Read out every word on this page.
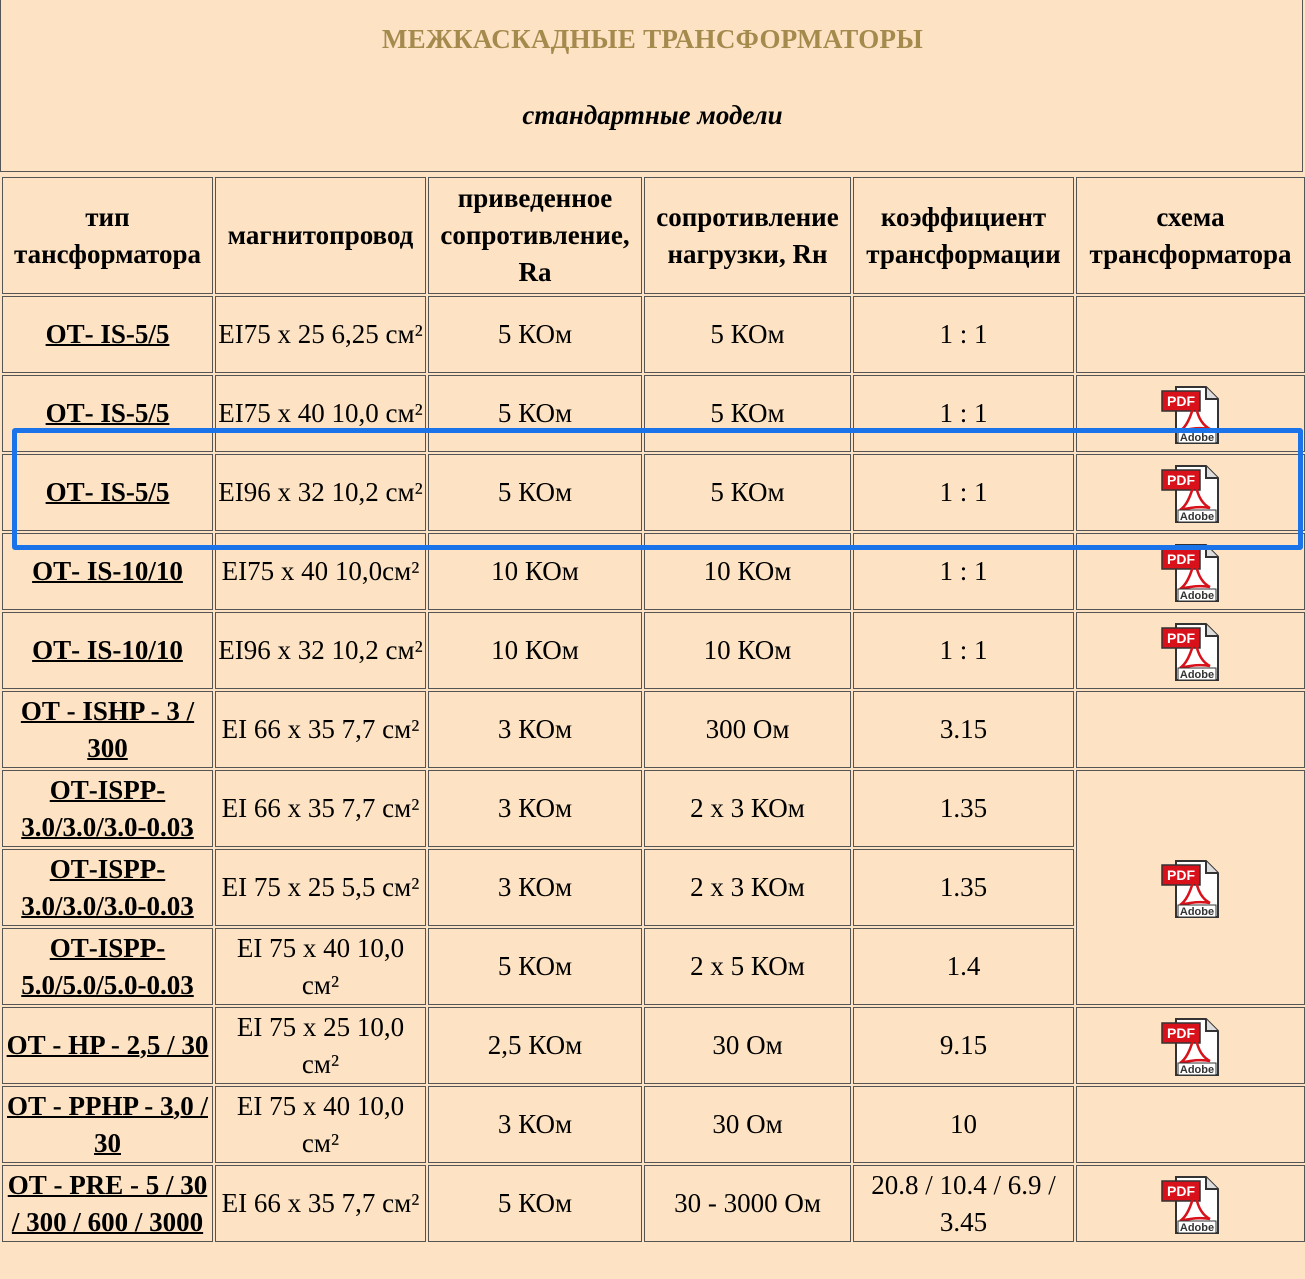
МЕЖКАСКАДНЫЕ ТРАНСФОРМАТОРЫ
стандартные модели
тип тансформатора	магнитопровод	приведенное сопротивление, Ra	сопротивление нагрузки, Rн	коэффициент трансформации	схема трансформатора
ОТ- IS-5/5	EI75 x 25 6,25 см²	5 КОм	5 КОм	1 : 1	
ОТ- IS-5/5	EI75 x 40 10,0 см²	5 КОм	5 КОм	1 : 1	PDF
Adobe

ОТ- IS-5/5	EI96 x 32 10,2 см²	5 КОм	5 КОм	1 : 1	PDF
Adobe

ОТ- IS-10/10	EI75 x 40 10,0см²	10 КОм	10 КОм	1 : 1	PDF
Adobe

ОТ- IS-10/10	EI96 x 32 10,2 см²	10 КОм	10 КОм	1 : 1	PDF
Adobe

ОТ - ISHP - 3 / 300	EI 66 x 35 7,7 см²	3 КОм	300 Ом	3.15	
ОТ-ISPP-3.0/3.0/3.0-0.03	EI 66 x 35 7,7 см²	3 КОм	2 х 3 КОм	1.35	PDF
Adobe

ОТ-ISPP-3.0/3.0/3.0-0.03	EI 75 x 25 5,5 см²	3 КОм	2 х 3 КОм	1.35	
ОТ-ISPP-5.0/5.0/5.0-0.03	EI 75 x 40 10,0 см²	5 КОм	2 х 5 КОм	1.4	
ОТ - HP - 2,5 / 30	EI 75 x 25 10,0 см²	2,5 КОм	30 Ом	9.15	PDF
Adobe

ОТ - PPHP - 3,0 / 30	EI 75 x 40 10,0 см²	3 КОм	30 Ом	10	
ОТ - PRE - 5 / 30 / 300 / 600 / 3000	EI 66 x 35 7,7 см²	5 КОм	30 - 3000 Ом	20.8 / 10.4 / 6.9 / 3.45	PDF
Adobe
